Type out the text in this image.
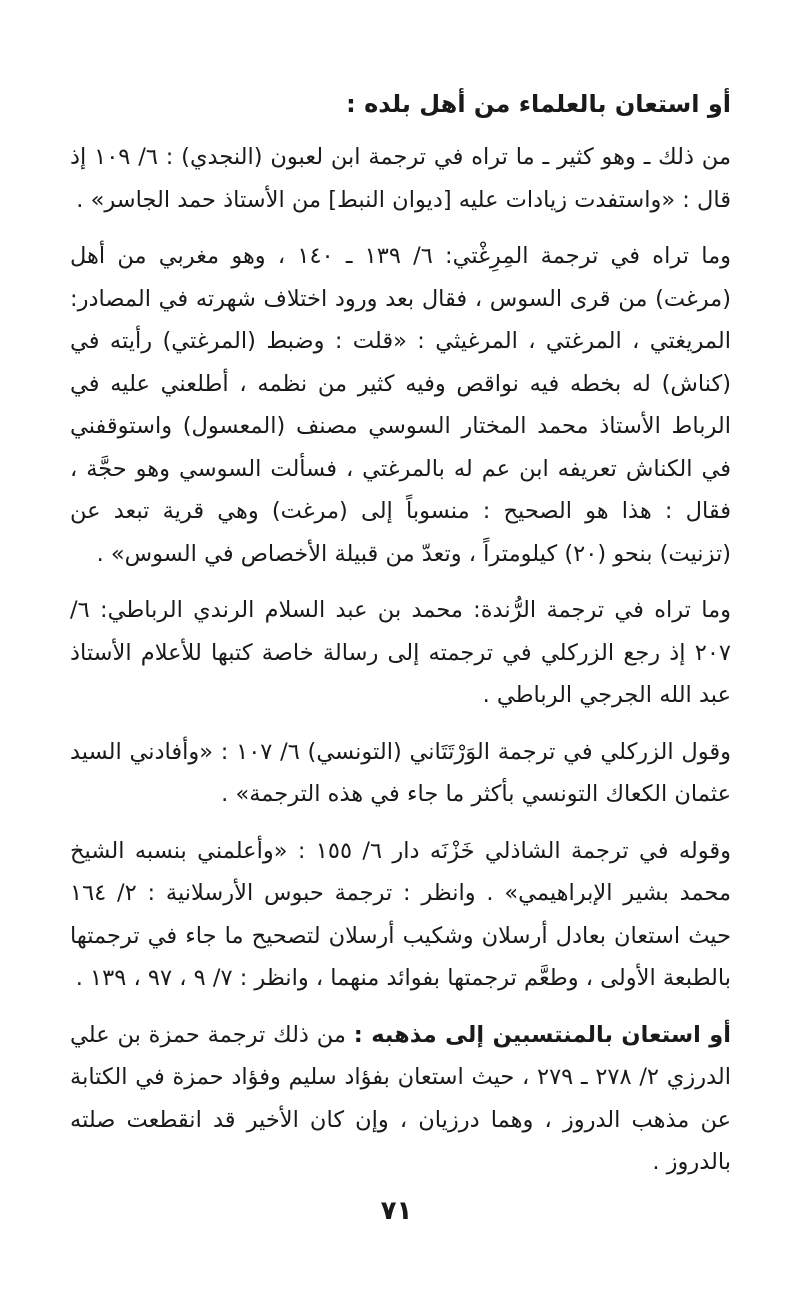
أو استعان بالعلماء من أهل بلده :

من ذلك ـ وهو كثير ـ ما تراه في ترجمة ابن لعبون (النجدي) : ٦/ ١٠٩ إذ قال : «واستفدت زيادات عليه [ديوان النبط] من الأستاذ حمد الجاسر» .

وما تراه في ترجمة المِرِغْتي: ٦/ ١٣٩ ـ ١٤٠ ، وهو مغربي من أهل (مرغت) من قرى السوس ، فقال بعد ورود اختلاف شهرته في المصادر: المريغتي ، المرغتي ، المرغيثي : «قلت : وضبط (المرغتي) رأيته في (كناش) له بخطه فيه نواقص وفيه كثير من نظمه ، أطلعني عليه في الرباط الأستاذ محمد المختار السوسي مصنف (المعسول) واستوقفني في الكناش تعريفه ابن عم له بالمرغتي ، فسألت السوسي وهو حجَّة ، فقال : هذا هو الصحيح : منسوباً إلى (مرغت) وهي قرية تبعد عن (تزنيت) بنحو (٢٠) كيلومتراً ، وتعدّ من قبيلة الأخصاص في السوس» .

وما تراه في ترجمة الرُّندة: محمد بن عبد السلام الرندي الرباطي: ٦/ ٢٠٧ إذ رجع الزركلي في ترجمته إلى رسالة خاصة كتبها للأعلام الأستاذ عبد الله الجرجي الرباطي .

وقول الزركلي في ترجمة الوَرْتَتَاني (التونسي) ٦/ ١٠٧ : «وأفادني السيد عثمان الكعاك التونسي بأكثر ما جاء في هذه الترجمة» .

وقوله في ترجمة الشاذلي خَزْنَه دار ٦/ ١٥٥ : «وأعلمني بنسبه الشيخ محمد بشير الإبراهيمي» . وانظر : ترجمة حبوس الأرسلانية : ٢/ ١٦٤ حيث استعان بعادل أرسلان وشكيب أرسلان لتصحيح ما جاء في ترجمتها بالطبعة الأولى ، وطعَّم ترجمتها بفوائد منهما ، وانظر : ٧/ ٩ ، ٩٧ ، ١٣٩ .

أو استعان بالمنتسبين إلى مذهبه : من ذلك ترجمة حمزة بن علي الدرزي ٢/ ٢٧٨ ـ ٢٧٩ ، حيث استعان بفؤاد سليم وفؤاد حمزة في الكتابة عن مذهب الدروز ، وهما درزيان ، وإن كان الأخير قد انقطعت صلته بالدروز .

٧١
